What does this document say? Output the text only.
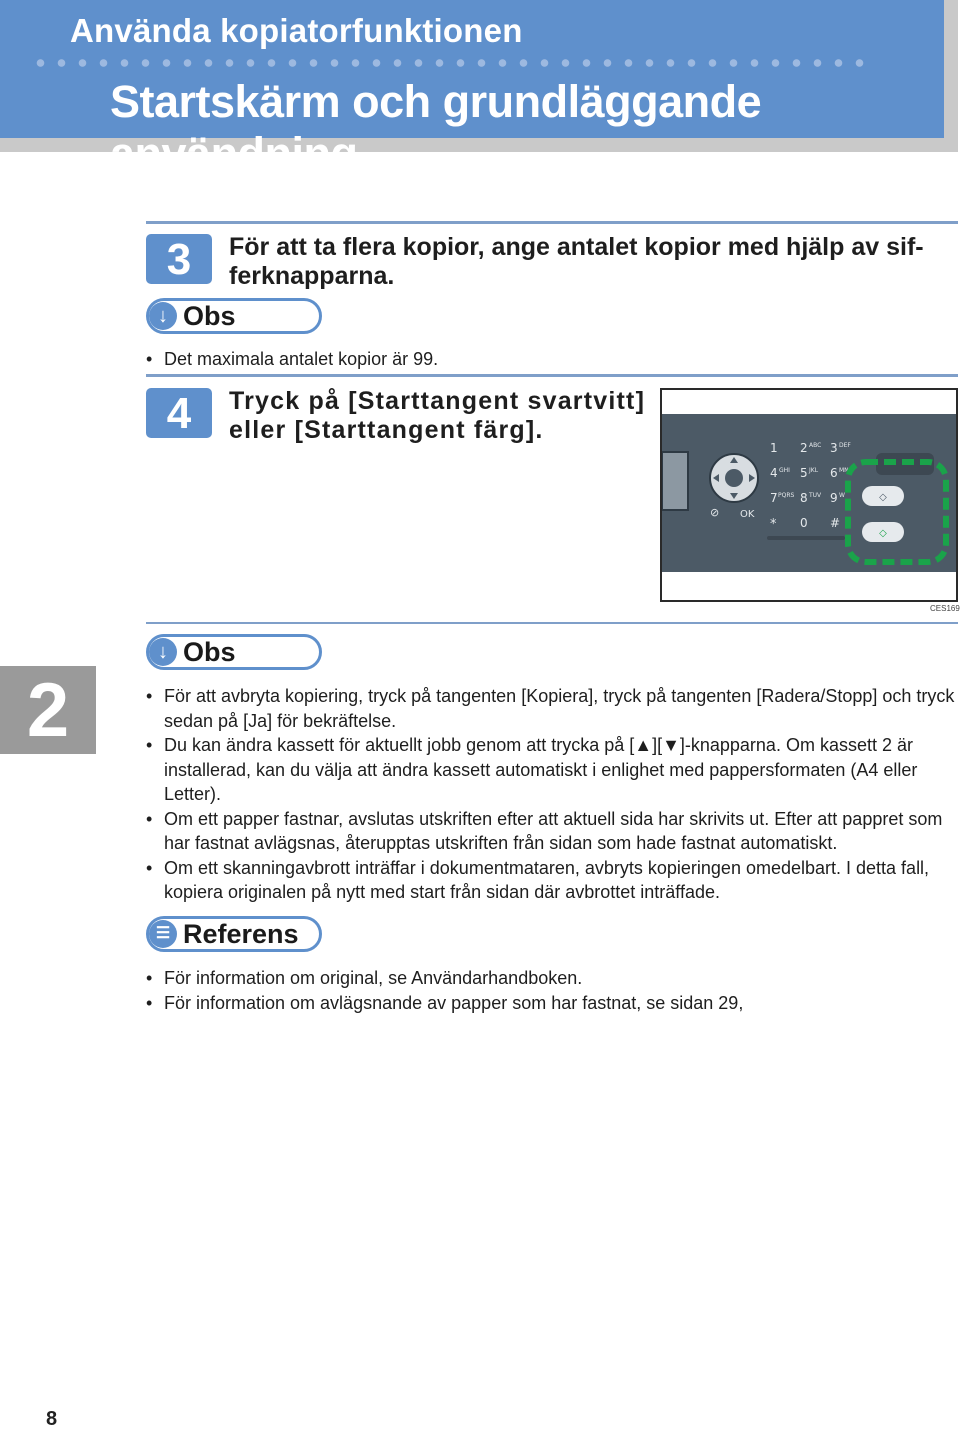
Använda kopiatorfunktionen
Startskärm och grundläggande användning
3	För att ta flera kopior, ange antalet kopior med hjälp av sif-
ferknapparna.
↓ Obs
• Det maximala antalet kopior är 99.
4	Tryck på [Starttangent svartvitt]
eller [Starttangent färg].
⊘ OK
1 2 ABC 3 DEF
4 GHI 5 JKL 6 MN
7 PQRS 8 TUV 9 W
* 0 #
◇
◇
CES169
↓ Obs
• För att avbryta kopiering, tryck på tangenten [Kopiera], tryck på tangenten [Radera/Stopp] och tryck sedan på [Ja] för bekräftelse.
• Du kan ändra kassett för aktuellt jobb genom att trycka på [▲][▼]-knapparna. Om kassett 2 är installerad, kan du välja att ändra kassett automatiskt i enlighet med pappersformaten (A4 eller Letter).
• Om ett papper fastnar, avslutas utskriften efter att aktuell sida har skrivits ut. Efter att pappret som har fastnat avlägsnas, återupptas utskriften från sidan som hade fastnat automatiskt.
• Om ett skanningavbrott inträffar i dokumentmataren, avbryts kopieringen omedelbart. I detta fall, kopiera originalen på nytt med start från sidan där avbrottet inträffade.
☰ Referens
• För information om original, se Användarhandboken.
• För information om avlägsnande av papper som har fastnat, se sidan 29,
2
8
